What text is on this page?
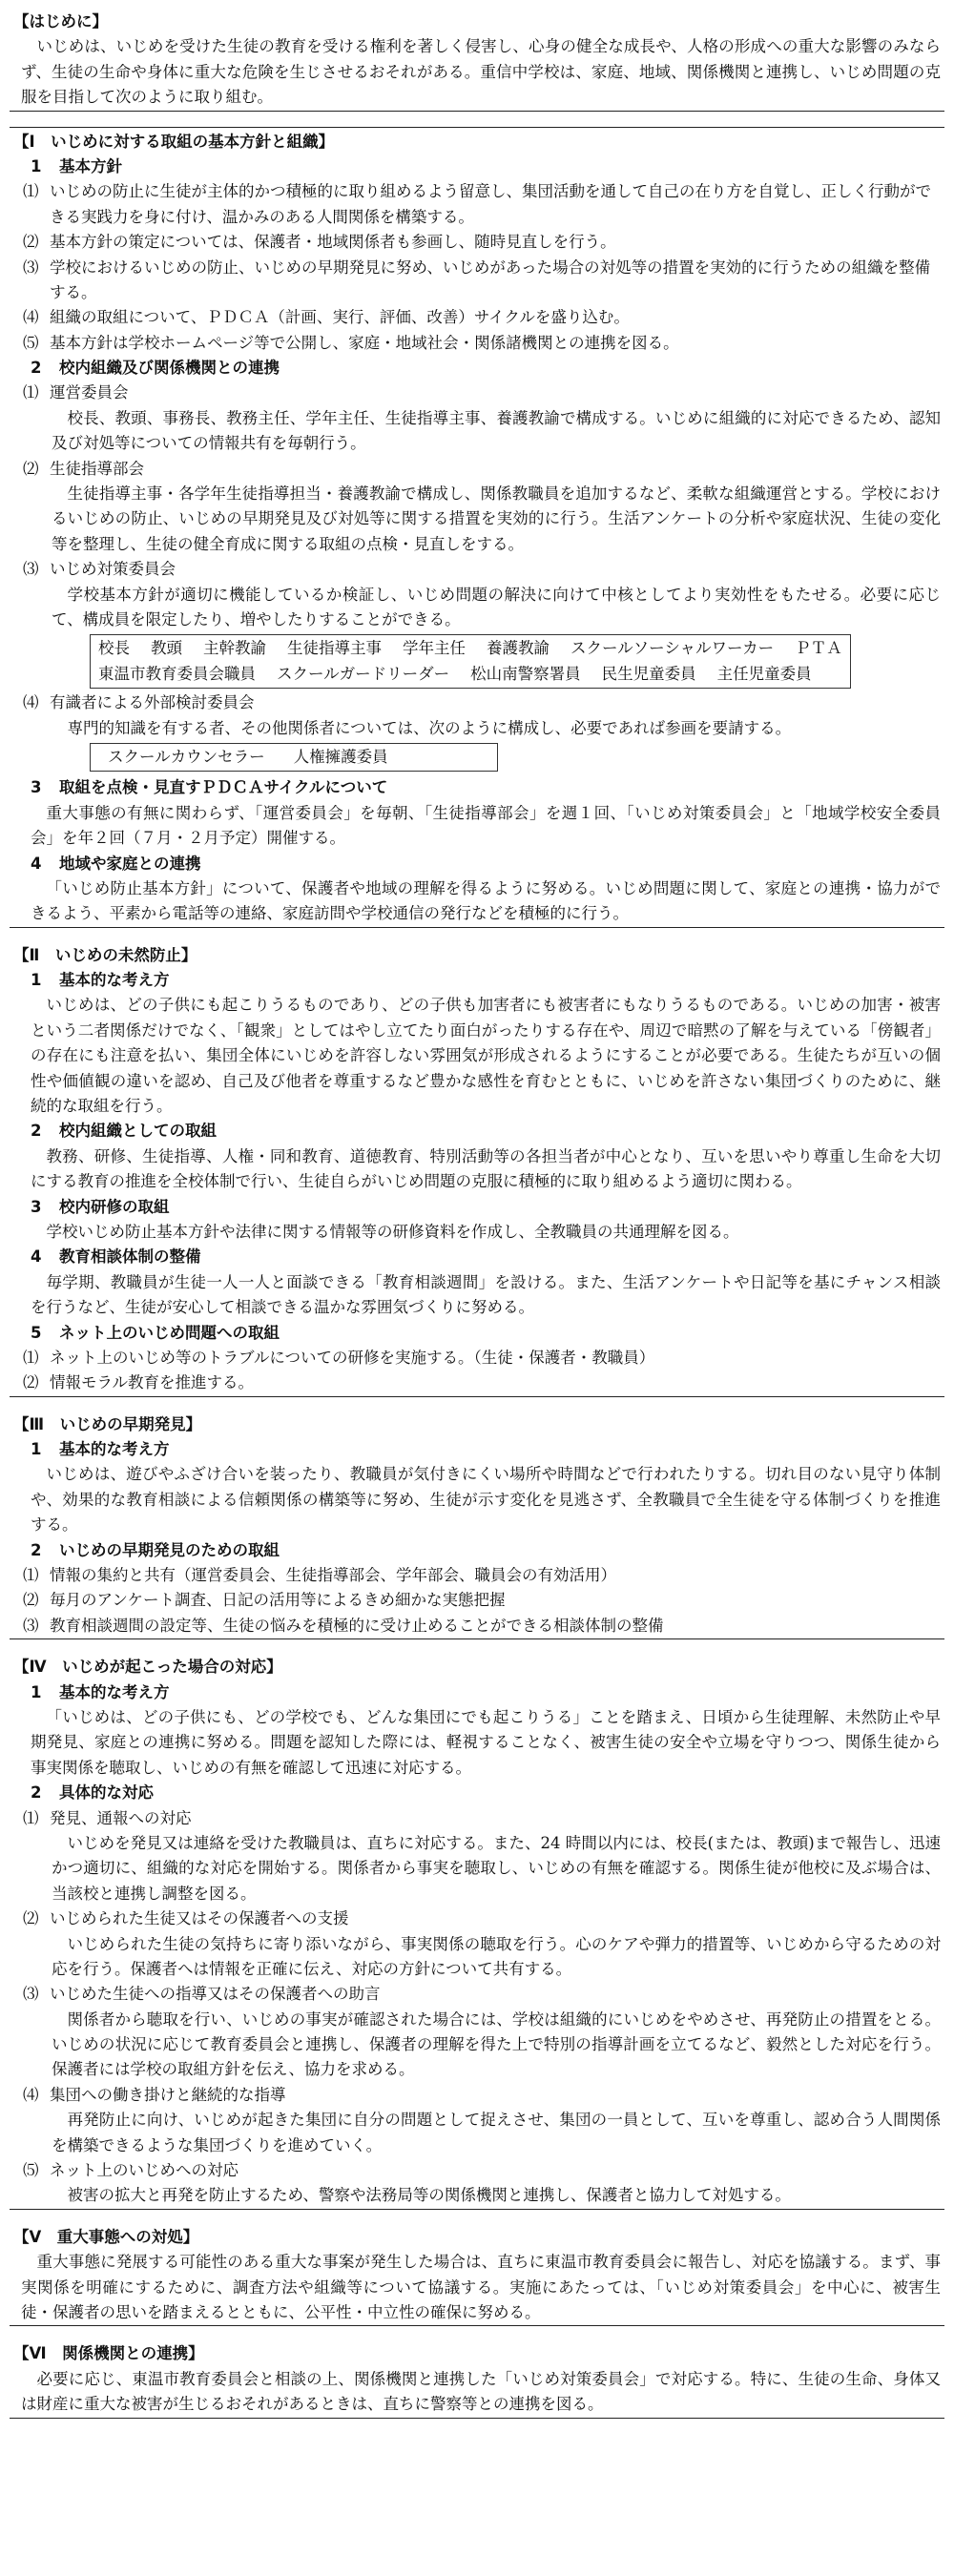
【はじめに】

いじめは、いじめを受けた生徒の教育を受ける権利を著しく侵害し、心身の健全な成長や、人格の形成への重大な影響のみならず、生徒の生命や身体に重大な危険を生じさせるおそれがある。重信中学校は、家庭、地域、関係機関と連携し、いじめ問題の克服を目指して次のように取り組む。

【Ⅰ　いじめに対する取組の基本方針と組織】
1 基本方針
⑴ いじめの防止に生徒が主体的かつ積極的に取り組めるよう留意し、集団活動を通して自己の在り方を自覚し、正しく行動ができる実践力を身に付け、温かみのある人間関係を構築する。
⑵ 基本方針の策定については、保護者・地域関係者も参画し、随時見直しを行う。
⑶ 学校におけるいじめの防止、いじめの早期発見に努め、いじめがあった場合の対処等の措置を実効的に行うための組織を整備する。
⑷ 組織の取組について、ＰＤＣＡ（計画、実行、評価、改善）サイクルを盛り込む。
⑸ 基本方針は学校ホームページ等で公開し、家庭・地域社会・関係諸機関との連携を図る。
2 校内組織及び関係機関との連携
⑴ 運営委員会

校長、教頭、事務長、教務主任、学年主任、生徒指導主事、養護教諭で構成する。いじめに組織的に対応できるため、認知及び対処等についての情報共有を毎朝行う。

⑵ 生徒指導部会

生徒指導主事・各学年生徒指導担当・養護教諭で構成し、関係教職員を追加するなど、柔軟な組織運営とする。学校におけるいじめの防止、いじめの早期発見及び対処等に関する措置を実効的に行う。生活アンケートの分析や家庭状況、生徒の変化等を整理し、生徒の健全育成に関する取組の点検・見直しをする。

⑶ いじめ対策委員会

学校基本方針が適切に機能しているか検証し、いじめ問題の解決に向けて中核としてより実効性をもたせる。必要に応じて、構成員を限定したり、増やしたりすることができる。

校長 教頭 主幹教諭 生徒指導主事 学年主任 養護教諭 スクールソーシャルワーカー ＰＴＡ
東温市教育委員会職員 スクールガードリーダー 松山南警察署員 民生児童委員 主任児童委員
⑷ 有識者による外部検討委員会

専門的知識を有する者、その他関係者については、次のように構成し、必要であれば参画を要請する。

スクールカウンセラー 人権擁護委員
3 取組を点検・見直すＰＤＣＡサイクルについて

重大事態の有無に関わらず、「運営委員会」を毎朝、「生徒指導部会」を週１回、「いじめ対策委員会」と「地域学校安全委員会」を年２回（７月・２月予定）開催する。

4 地域や家庭との連携

「いじめ防止基本方針」について、保護者や地域の理解を得るように努める。いじめ問題に関して、家庭との連携・協力ができるよう、平素から電話等の連絡、家庭訪問や学校通信の発行などを積極的に行う。

【Ⅱ　いじめの未然防止】
1 基本的な考え方

いじめは、どの子供にも起こりうるものであり、どの子供も加害者にも被害者にもなりうるものである。いじめの加害・被害という二者関係だけでなく、「観衆」としてはやし立てたり面白がったりする存在や、周辺で暗黙の了解を与えている「傍観者」の存在にも注意を払い、集団全体にいじめを許容しない雰囲気が形成されるようにすることが必要である。生徒たちが互いの個性や価値観の違いを認め、自己及び他者を尊重するなど豊かな感性を育むとともに、いじめを許さない集団づくりのために、継続的な取組を行う。

2 校内組織としての取組

教務、研修、生徒指導、人権・同和教育、道徳教育、特別活動等の各担当者が中心となり、互いを思いやり尊重し生命を大切にする教育の推進を全校体制で行い、生徒自らがいじめ問題の克服に積極的に取り組めるよう適切に関わる。

3 校内研修の取組

学校いじめ防止基本方針や法律に関する情報等の研修資料を作成し、全教職員の共通理解を図る。

4 教育相談体制の整備

毎学期、教職員が生徒一人一人と面談できる「教育相談週間」を設ける。また、生活アンケートや日記等を基にチャンス相談を行うなど、生徒が安心して相談できる温かな雰囲気づくりに努める。

5 ネット上のいじめ問題への取組
⑴ ネット上のいじめ等のトラブルについての研修を実施する。（生徒・保護者・教職員）
⑵ 情報モラル教育を推進する。
【Ⅲ　いじめの早期発見】
1 基本的な考え方

いじめは、遊びやふざけ合いを装ったり、教職員が気付きにくい場所や時間などで行われたりする。切れ目のない見守り体制や、効果的な教育相談による信頼関係の構築等に努め、生徒が示す変化を見逃さず、全教職員で全生徒を守る体制づくりを推進する。

2 いじめの早期発見のための取組
⑴ 情報の集約と共有（運営委員会、生徒指導部会、学年部会、職員会の有効活用）
⑵ 毎月のアンケート調査、日記の活用等によるきめ細かな実態把握
⑶ 教育相談週間の設定等、生徒の悩みを積極的に受け止めることができる相談体制の整備
【Ⅳ　いじめが起こった場合の対応】
1 基本的な考え方

「いじめは、どの子供にも、どの学校でも、どんな集団にでも起こりうる」ことを踏まえ、日頃から生徒理解、未然防止や早期発見、家庭との連携に努める。問題を認知した際には、軽視することなく、被害生徒の安全や立場を守りつつ、関係生徒から事実関係を聴取し、いじめの有無を確認して迅速に対応する。

2 具体的な対応
⑴ 発見、通報への対応

いじめを発見又は連絡を受けた教職員は、直ちに対応する。また、24 時間以内には、校長(または、教頭)まで報告し、迅速かつ適切に、組織的な対応を開始する。関係者から事実を聴取し、いじめの有無を確認する。関係生徒が他校に及ぶ場合は、当該校と連携し調整を図る。

⑵ いじめられた生徒又はその保護者への支援

いじめられた生徒の気持ちに寄り添いながら、事実関係の聴取を行う。心のケアや弾力的措置等、いじめから守るための対応を行う。保護者へは情報を正確に伝え、対応の方針について共有する。

⑶ いじめた生徒への指導又はその保護者への助言

関係者から聴取を行い、いじめの事実が確認された場合には、学校は組織的にいじめをやめさせ、再発防止の措置をとる。いじめの状況に応じて教育委員会と連携し、保護者の理解を得た上で特別の指導計画を立てるなど、毅然とした対応を行う。保護者には学校の取組方針を伝え、協力を求める。

⑷ 集団への働き掛けと継続的な指導

再発防止に向け、いじめが起きた集団に自分の問題として捉えさせ、集団の一員として、互いを尊重し、認め合う人間関係を構築できるような集団づくりを進めていく。

⑸ ネット上のいじめへの対応

被害の拡大と再発を防止するため、警察や法務局等の関係機関と連携し、保護者と協力して対処する。

【Ⅴ　重大事態への対処】

重大事態に発展する可能性のある重大な事案が発生した場合は、直ちに東温市教育委員会に報告し、対応を協議する。まず、事実関係を明確にするために、調査方法や組織等について協議する。実施にあたっては、「いじめ対策委員会」を中心に、被害生徒・保護者の思いを踏まえるとともに、公平性・中立性の確保に努める。

【Ⅵ　関係機関との連携】

必要に応じ、東温市教育委員会と相談の上、関係機関と連携した「いじめ対策委員会」で対応する。特に、生徒の生命、身体又は財産に重大な被害が生じるおそれがあるときは、直ちに警察等との連携を図る。
